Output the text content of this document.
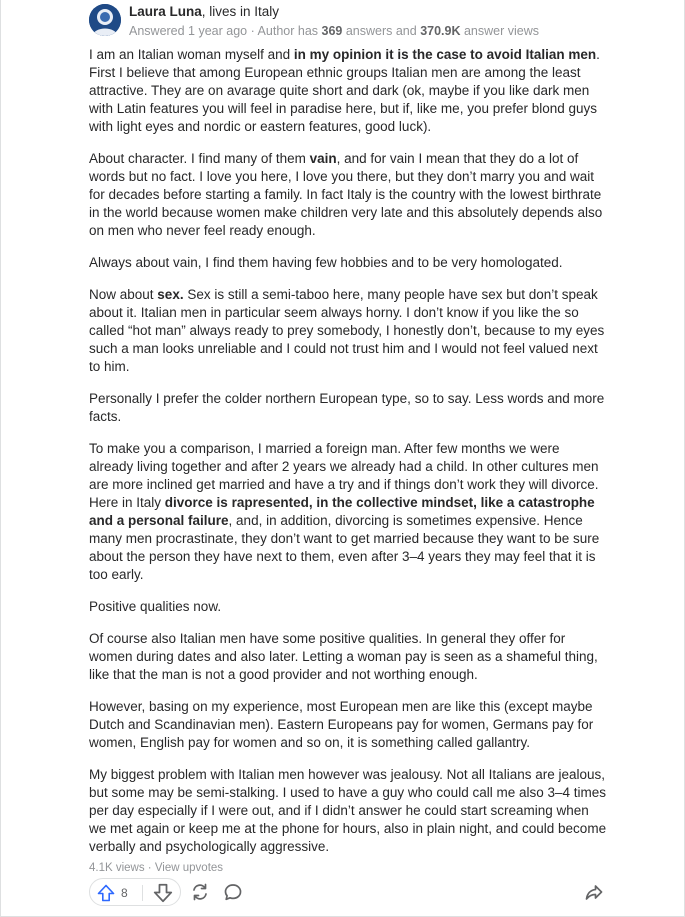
Laura Luna, lives in Italy
Answered 1 year ago · Author has 369 answers and 370.9K answer views

I am an Italian woman myself and in my opinion it is the case to avoid Italian men. First I believe that among European ethnic groups Italian men are among the least attractive. They are on avarage quite short and dark (ok, maybe if you like dark men with Latin features you will feel in paradise here, but if, like me, you prefer blond guys with light eyes and nordic or eastern features, good luck).

About character. I find many of them vain, and for vain I mean that they do a lot of words but no fact. I love you here, I love you there, but they don’t marry you and wait for decades before starting a family. In fact Italy is the country with the lowest birthrate in the world because women make children very late and this absolutely depends also on men who never feel ready enough.

Always about vain, I find them having few hobbies and to be very homologated.

Now about sex. Sex is still a semi-taboo here, many people have sex but don’t speak about it. Italian men in particular seem always horny. I don’t know if you like the so called “hot man” always ready to prey somebody, I honestly don’t, because to my eyes such a man looks unreliable and I could not trust him and I would not feel valued next to him.

Personally I prefer the colder northern European type, so to say. Less words and more facts.

To make you a comparison, I married a foreign man. After few months we were already living together and after 2 years we already had a child. In other cultures men are more inclined get married and have a try and if things don’t work they will divorce. Here in Italy divorce is rapresented, in the collective mindset, like a catastrophe and a personal failure, and, in addition, divorcing is sometimes expensive. Hence many men procrastinate, they don’t want to get married because they want to be sure about the person they have next to them, even after 3–4 years they may feel that it is too early.

Positive qualities now.

Of course also Italian men have some positive qualities. In general they offer for women during dates and also later. Letting a woman pay is seen as a shameful thing, like that the man is not a good provider and not worthing enough.

However, basing on my experience, most European men are like this (except maybe Dutch and Scandinavian men). Eastern Europeans pay for women, Germans pay for women, English pay for women and so on, it is something called gallantry.

My biggest problem with Italian men however was jealousy. Not all Italians are jealous, but some may be semi-stalking. I used to have a guy who could call me also 3–4 times per day especially if I were out, and if I didn’t answer he could start screaming when we met again or keep me at the phone for hours, also in plain night, and could become verbally and psychologically aggressive.

4.1K views · View upvotes
8
